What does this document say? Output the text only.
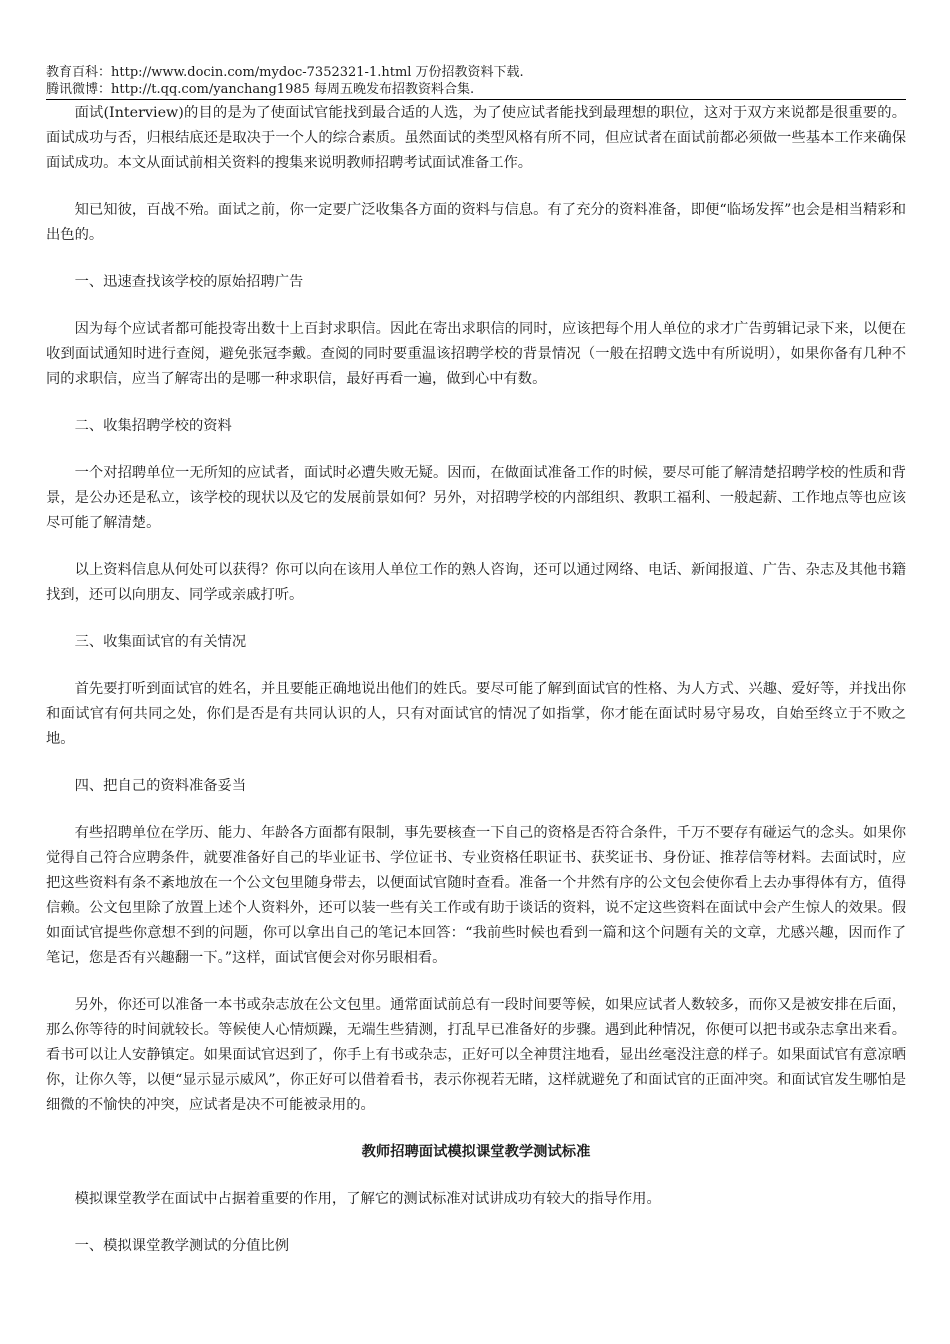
教育百科：http://www.docin.com/mydoc-7352321-1.html 万份招教资料下载.
腾讯微博：http://t.qq.com/yanchang1985 每周五晚发布招教资料合集.

面试(Interview)的目的是为了使面试官能找到最合适的人选，为了使应试者能找到最理想的职位，这对于双方来说都是很重要的。面试成功与否，归根结底还是取决于一个人的综合素质。虽然面试的类型风格有所不同，但应试者在面试前都必须做一些基本工作来确保面试成功。本文从面试前相关资料的搜集来说明教师招聘考试面试准备工作。

知已知彼，百战不殆。面试之前，你一定要广泛收集各方面的资料与信息。有了充分的资料准备，即便“临场发挥”也会是相当精彩和出色的。

一、迅速查找该学校的原始招聘广告

因为每个应试者都可能投寄出数十上百封求职信。因此在寄出求职信的同时，应该把每个用人单位的求才广告剪辑记录下来，以便在收到面试通知时进行查阅，避免张冠李戴。查阅的同时要重温该招聘学校的背景情况（一般在招聘文选中有所说明），如果你备有几种不同的求职信，应当了解寄出的是哪一种求职信，最好再看一遍，做到心中有数。

二、收集招聘学校的资料

一个对招聘单位一无所知的应试者，面试时必遭失败无疑。因而，在做面试准备工作的时候，要尽可能了解清楚招聘学校的性质和背景，是公办还是私立，该学校的现状以及它的发展前景如何？另外，对招聘学校的内部组织、教职工福利、一般起薪、工作地点等也应该尽可能了解清楚。

以上资料信息从何处可以获得？你可以向在该用人单位工作的熟人咨询，还可以通过网络、电话、新闻报道、广告、杂志及其他书籍找到，还可以向朋友、同学或亲戚打听。

三、收集面试官的有关情况

首先要打听到面试官的姓名，并且要能正确地说出他们的姓氏。要尽可能了解到面试官的性格、为人方式、兴趣、爱好等，并找出你和面试官有何共同之处，你们是否是有共同认识的人，只有对面试官的情况了如指掌，你才能在面试时易守易攻，自始至终立于不败之地。

四、把自己的资料准备妥当

有些招聘单位在学历、能力、年龄各方面都有限制，事先要核查一下自己的资格是否符合条件，千万不要存有碰运气的念头。如果你觉得自己符合应聘条件，就要准备好自己的毕业证书、学位证书、专业资格任职证书、获奖证书、身份证、推荐信等材料。去面试时，应把这些资料有条不紊地放在一个公文包里随身带去，以便面试官随时查看。准备一个井然有序的公文包会使你看上去办事得体有方，值得信赖。公文包里除了放置上述个人资料外，还可以装一些有关工作或有助于谈话的资料，说不定这些资料在面试中会产生惊人的效果。假如面试官提些你意想不到的问题，你可以拿出自己的笔记本回答：“我前些时候也看到一篇和这个问题有关的文章，尤感兴趣，因而作了笔记，您是否有兴趣翻一下。”这样，面试官便会对你另眼相看。

另外，你还可以准备一本书或杂志放在公文包里。通常面试前总有一段时间要等候，如果应试者人数较多，而你又是被安排在后面，那么你等待的时间就较长。等候使人心情烦躁，无端生些猜测，打乱早已准备好的步骤。遇到此种情况，你便可以把书或杂志拿出来看。看书可以让人安静镇定。如果面试官迟到了，你手上有书或杂志，正好可以全神贯注地看，显出丝毫没注意的样子。如果面试官有意凉晒你，让你久等，以便“显示显示威风”，你正好可以借着看书，表示你视若无睹，这样就避免了和面试官的正面冲突。和面试官发生哪怕是细微的不愉快的冲突，应试者是决不可能被录用的。

教师招聘面试模拟课堂教学测试标准

模拟课堂教学在面试中占据着重要的作用，了解它的测试标准对试讲成功有较大的指导作用。

一、模拟课堂教学测试的分值比例
